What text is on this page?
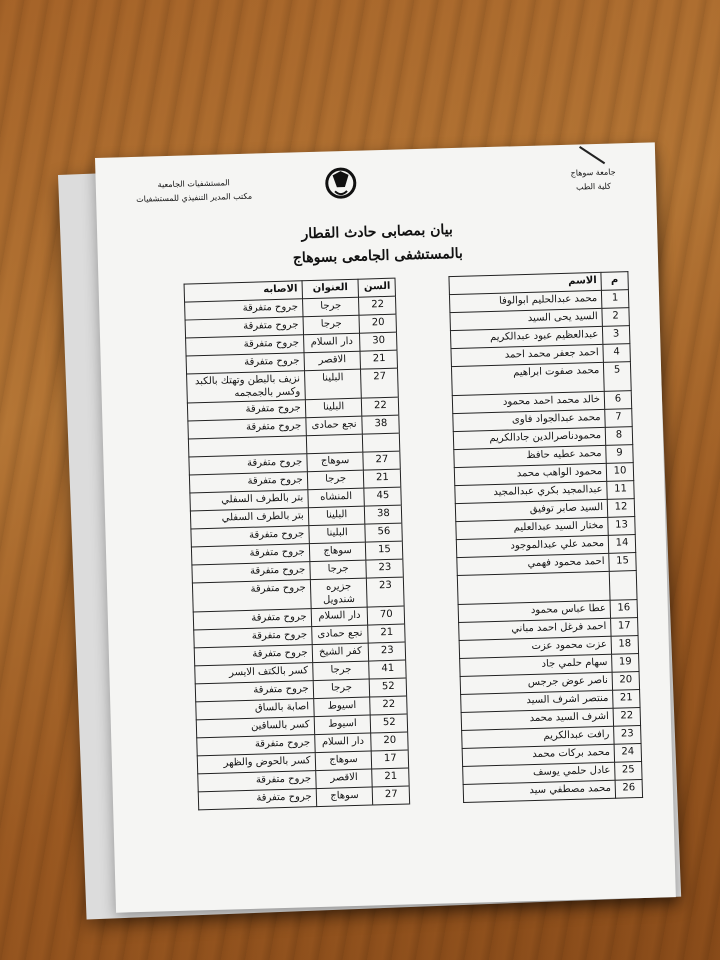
جامعة سوهاج
كلية الطب
المستشفيات الجامعية
مكتب المدير التنفيذي للمستشفيات
بيان بمصابى حادث القطار
بالمستشفى الجامعى بسوهاج
م	الاسم		السن	العنوان	الاصابه
1	محمد عبدالحليم ابوالوفا		22	جرجا	جروح متفرقة
2	السيد يحى السيد		20	جرجا	جروح متفرقة
3	عبدالعظيم عبود عبدالكريم		30	دار السلام	جروح متفرقة
4	احمد جعفر محمد احمد		21	الاقصر	جروح متفرقة
5	محمد صفوت ابراهيم		27	البلينا	نزيف بالبطن وتهتك بالكبد وكسر بالجمجمه
6	خالد محمد احمد محمود		22	البلينا	جروح متفرقة
7	محمد عبدالجواد فاوى		38	نجع حمادى	جروح متفرقة
8	محمودناصرالدين جادالكريم				
9	محمد عطيه حافظ		27	سوهاج	جروح متفرقة
10	محمود الواهب محمد		21	جرجا	جروح متفرقة
11	عبدالمجيد بكري عبدالمجيد		45	المنشاه	بتر بالطرف السفلي
12	السيد صابر توفيق		38	البلينا	بتر بالطرف السفلي
13	مختار السيد عبدالعليم		56	البلينا	جروح متفرقة
14	محمد علي عبدالموجود		15	سوهاج	جروح متفرقة
15	احمد محمود فهمي		23	جرجا	جروح متفرقة
			23	جزيره شندويل	جروح متفرقة
16	عطا عباس محمود		70	دار السلام	جروح متفرقة
17	احمد فرغل احمد مباني		21	نجع حمادى	جروح متفرقة
18	عزت محمود عزت		23	كفر الشيخ	جروح متفرقة
19	سهام حلمي جاد		41	جرجا	كسر بالكتف الايسر
20	ناصر عوض جرجس		52	جرجا	جروح متفرقة
21	منتصر اشرف السيد		22	اسيوط	اصابة بالساق
22	اشرف السيد محمد		52	اسيوط	كسر بالساقين
23	رافت عبدالكريم		20	دار السلام	جروح متفرقة
24	محمد بركات محمد		17	سوهاج	كسر بالحوض والظهر
25	عادل حلمي يوسف		21	الاقصر	جروح متفرقة
26	محمد مصطفي سيد		27	سوهاج	جروح متفرقة
